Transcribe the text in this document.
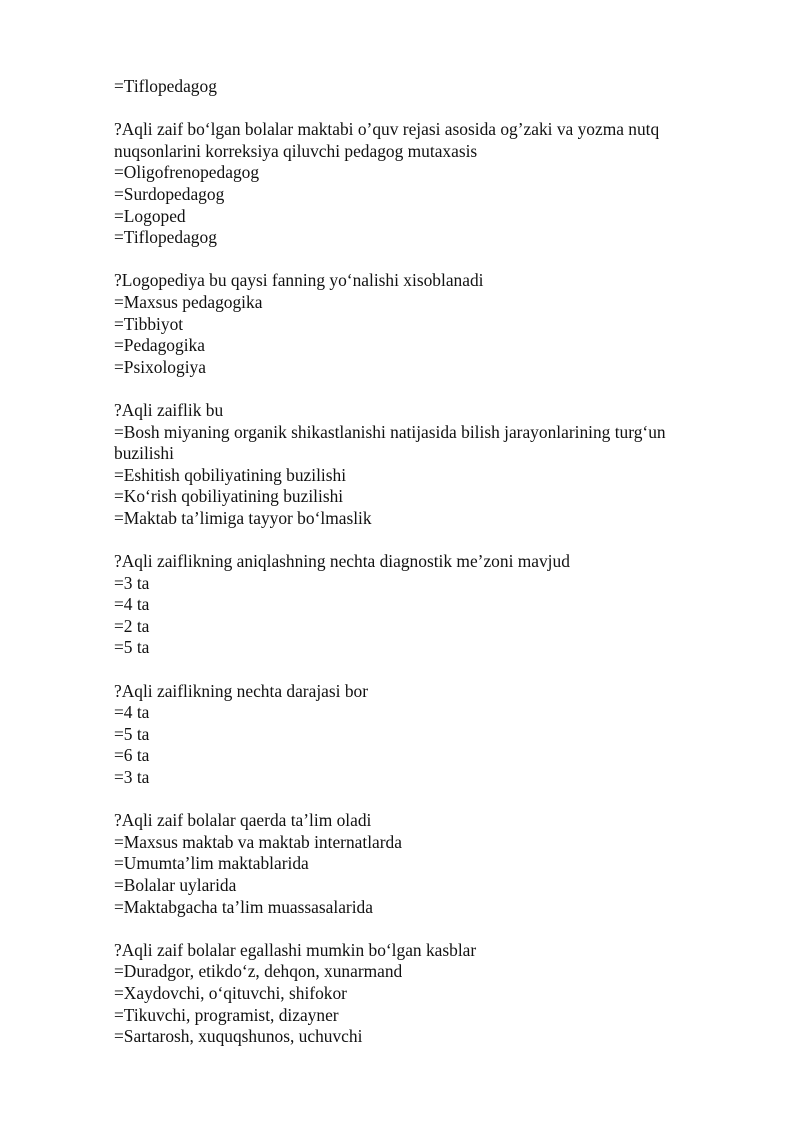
=Tiflopedagog
?Aqli zaif bo‘lgan bolalar maktabi o’quv rejasi asosida og’zaki va yozma nutq nuqsonlarini korreksiya qiluvchi pedagog mutaxasis
=Oligofrenopedagog
=Surdopedagog
=Logoped
=Tiflopedagog
?Logopediya bu qaysi fanning yo‘nalishi xisoblanadi
=Maxsus pedagogika
=Tibbiyot
=Pedagogika
=Psixologiya
?Aqli zaiflik bu
=Bosh miyaning organik shikastlanishi natijasida bilish jarayonlarining turg‘un buzilishi
=Eshitish qobiliyatining buzilishi
=Ko‘rish qobiliyatining buzilishi
=Maktab ta’limiga tayyor bo‘lmaslik
?Aqli zaiflikning aniqlashning nechta diagnostik me’zoni mavjud
=3 ta
=4 ta
=2 ta
=5 ta
?Aqli zaiflikning nechta darajasi bor
=4 ta
=5 ta
=6 ta
=3 ta
?Aqli zaif bolalar qaerda ta’lim oladi
=Maxsus maktab va maktab internatlarda
=Umumta’lim maktablarida
=Bolalar uylarida
=Maktabgacha ta’lim muassasalarida
?Aqli zaif bolalar egallashi mumkin bo‘lgan kasblar
=Duradgor, etikdo‘z, dehqon, xunarmand
=Xaydovchi, o‘qituvchi, shifokor
=Tikuvchi, programist, dizayner
=Sartarosh, xuquqshunos, uchuvchi
